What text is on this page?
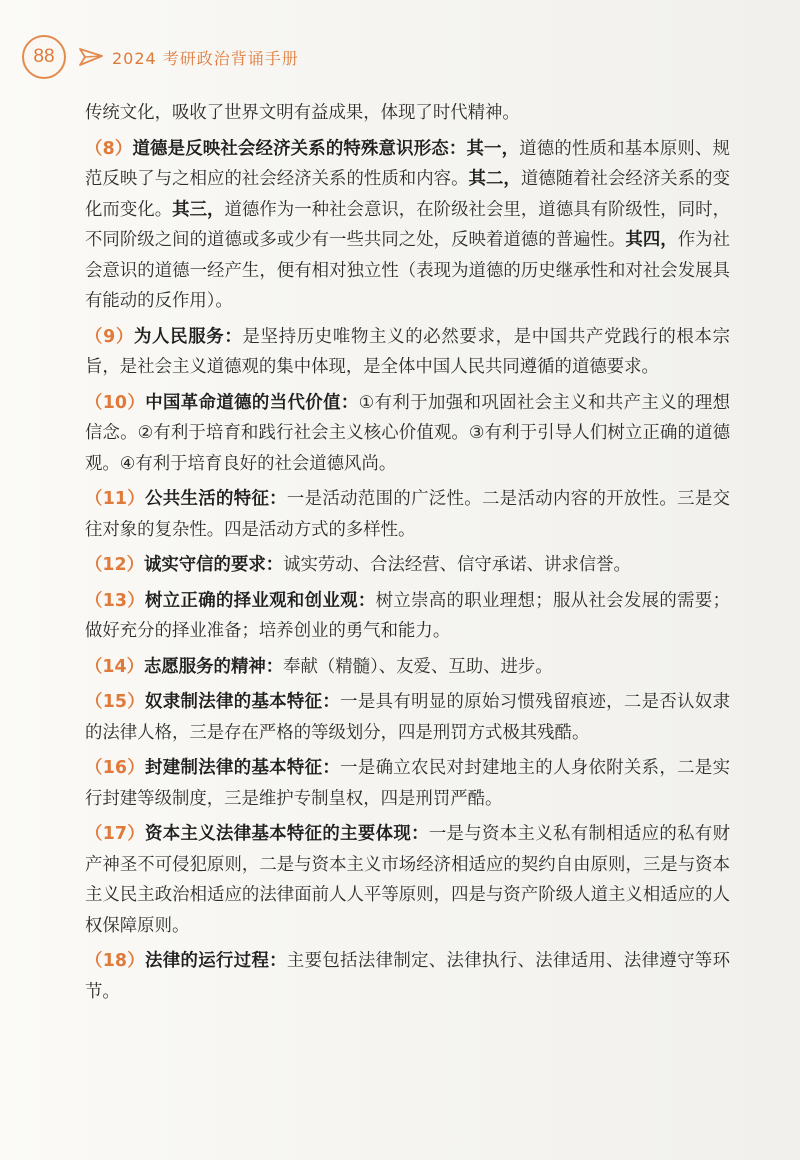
88	2024 考研政治背诵手册

传统文化，吸收了世界文明有益成果，体现了时代精神。

（8）道德是反映社会经济关系的特殊意识形态：其一，道德的性质和基本原则、规范反映了与之相应的社会经济关系的性质和内容。其二，道德随着社会经济关系的变化而变化。其三，道德作为一种社会意识，在阶级社会里，道德具有阶级性，同时，不同阶级之间的道德或多或少有一些共同之处，反映着道德的普遍性。其四，作为社会意识的道德一经产生，便有相对独立性（表现为道德的历史继承性和对社会发展具有能动的反作用）。

（9）为人民服务：是坚持历史唯物主义的必然要求，是中国共产党践行的根本宗旨，是社会主义道德观的集中体现，是全体中国人民共同遵循的道德要求。

（10）中国革命道德的当代价值：①有利于加强和巩固社会主义和共产主义的理想信念。②有利于培育和践行社会主义核心价值观。③有利于引导人们树立正确的道德观。④有利于培育良好的社会道德风尚。

（11）公共生活的特征：一是活动范围的广泛性。二是活动内容的开放性。三是交往对象的复杂性。四是活动方式的多样性。

（12）诚实守信的要求：诚实劳动、合法经营、信守承诺、讲求信誉。

（13）树立正确的择业观和创业观：树立崇高的职业理想；服从社会发展的需要；做好充分的择业准备；培养创业的勇气和能力。

（14）志愿服务的精神：奉献（精髓）、友爱、互助、进步。

（15）奴隶制法律的基本特征：一是具有明显的原始习惯残留痕迹，二是否认奴隶的法律人格，三是存在严格的等级划分，四是刑罚方式极其残酷。

（16）封建制法律的基本特征：一是确立农民对封建地主的人身依附关系，二是实行封建等级制度，三是维护专制皇权，四是刑罚严酷。

（17）资本主义法律基本特征的主要体现：一是与资本主义私有制相适应的私有财产神圣不可侵犯原则，二是与资本主义市场经济相适应的契约自由原则，三是与资本主义民主政治相适应的法律面前人人平等原则，四是与资产阶级人道主义相适应的人权保障原则。

（18）法律的运行过程：主要包括法律制定、法律执行、法律适用、法律遵守等环节。
